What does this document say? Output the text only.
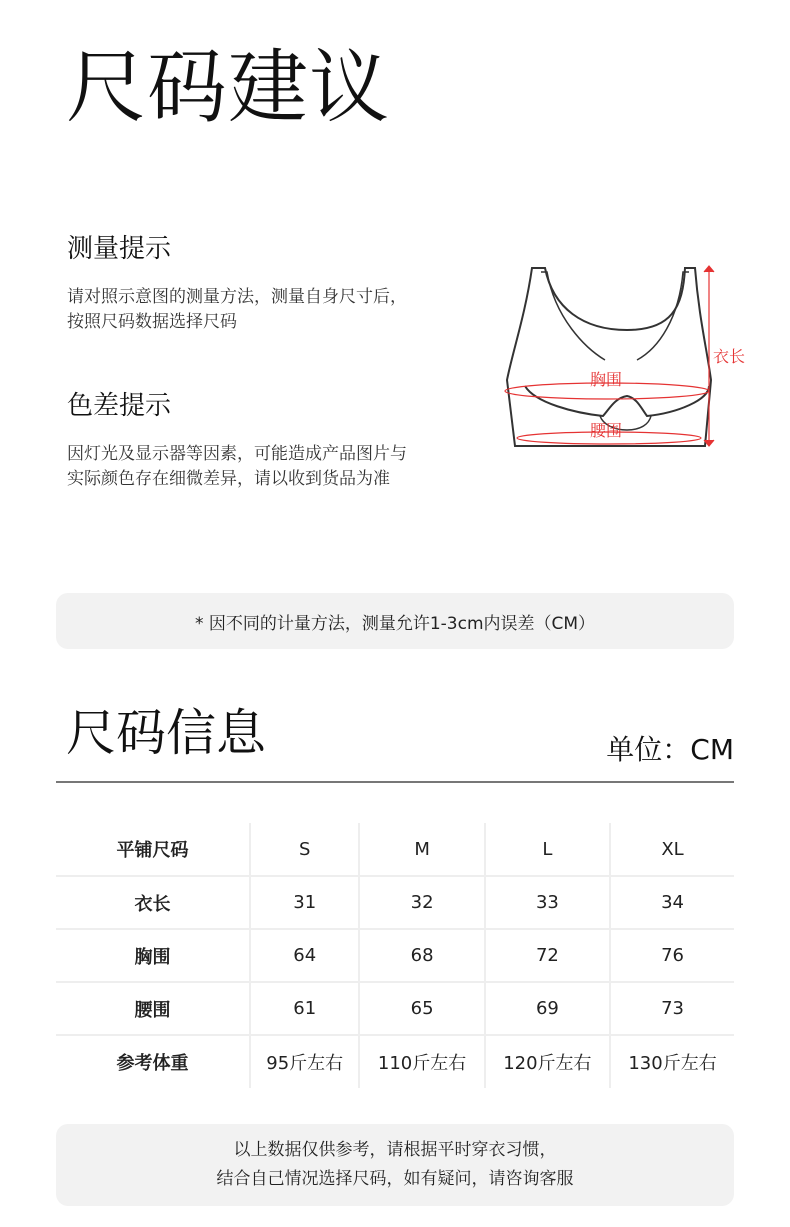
尺码建议
测量提示
请对照示意图的测量方法，测量自身尺寸后，
按照尺码数据选择尺码
色差提示
因灯光及显示器等因素，可能造成产品图片与
实际颜色存在细微差异，请以收到货品为准
衣长
胸围
腰围
* 因不同的计量方法，测量允许1-3cm内误差（CM）
尺码信息	单位：CM
平铺尺码	S	M	L	XL
衣长	31	32	33	34
胸围	64	68	72	76
腰围	61	65	69	73
参考体重	95斤左右	110斤左右	120斤左右	130斤左右
以上数据仅供参考，请根据平时穿衣习惯，
结合自己情况选择尺码，如有疑问，请咨询客服
